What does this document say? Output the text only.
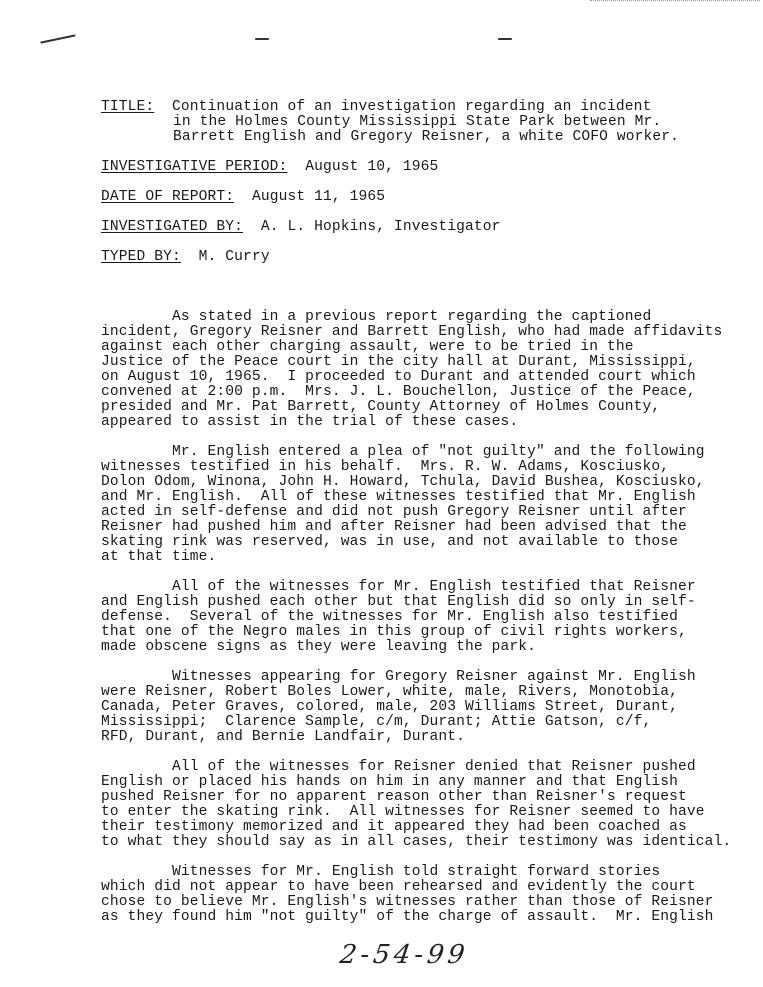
TITLE: Continuation of an investigation regarding an incident
in the Holmes County Mississippi State Park between Mr.
Barrett English and Gregory Reisner, a white COFO worker.
INVESTIGATIVE PERIOD: August 10, 1965
DATE OF REPORT: August 11, 1965
INVESTIGATED BY: A. L. Hopkins, Investigator
TYPED BY: M. Curry
As stated in a previous report regarding the captioned
incident, Gregory Reisner and Barrett English, who had made affidavits
against each other charging assault, were to be tried in the
Justice of the Peace court in the city hall at Durant, Mississippi,
on August 10, 1965.  I proceeded to Durant and attended court which
convened at 2:00 p.m.  Mrs. J. L. Bouchellon, Justice of the Peace,
presided and Mr. Pat Barrett, County Attorney of Holmes County,
appeared to assist in the trial of these cases.
Mr. English entered a plea of "not guilty" and the following
witnesses testified in his behalf.  Mrs. R. W. Adams, Kosciusko,
Dolon Odom, Winona, John H. Howard, Tchula, David Bushea, Kosciusko,
and Mr. English.  All of these witnesses testified that Mr. English
acted in self-defense and did not push Gregory Reisner until after
Reisner had pushed him and after Reisner had been advised that the
skating rink was reserved, was in use, and not available to those
at that time.
All of the witnesses for Mr. English testified that Reisner
and English pushed each other but that English did so only in self-
defense.  Several of the witnesses for Mr. English also testified
that one of the Negro males in this group of civil rights workers,
made obscene signs as they were leaving the park.
Witnesses appearing for Gregory Reisner against Mr. English
were Reisner, Robert Boles Lower, white, male, Rivers, Monotobia,
Canada, Peter Graves, colored, male, 203 Williams Street, Durant,
Mississippi;  Clarence Sample, c/m, Durant; Attie Gatson, c/f,
RFD, Durant, and Bernie Landfair, Durant.
All of the witnesses for Reisner denied that Reisner pushed
English or placed his hands on him in any manner and that English
pushed Reisner for no apparent reason other than Reisner's request
to enter the skating rink.  All witnesses for Reisner seemed to have
their testimony memorized and it appeared they had been coached as
to what they should say as in all cases, their testimony was identical.
Witnesses for Mr. English told straight forward stories
which did not appear to have been rehearsed and evidently the court
chose to believe Mr. English's witnesses rather than those of Reisner
as they found him "not guilty" of the charge of assault.  Mr. English
2-54-99
